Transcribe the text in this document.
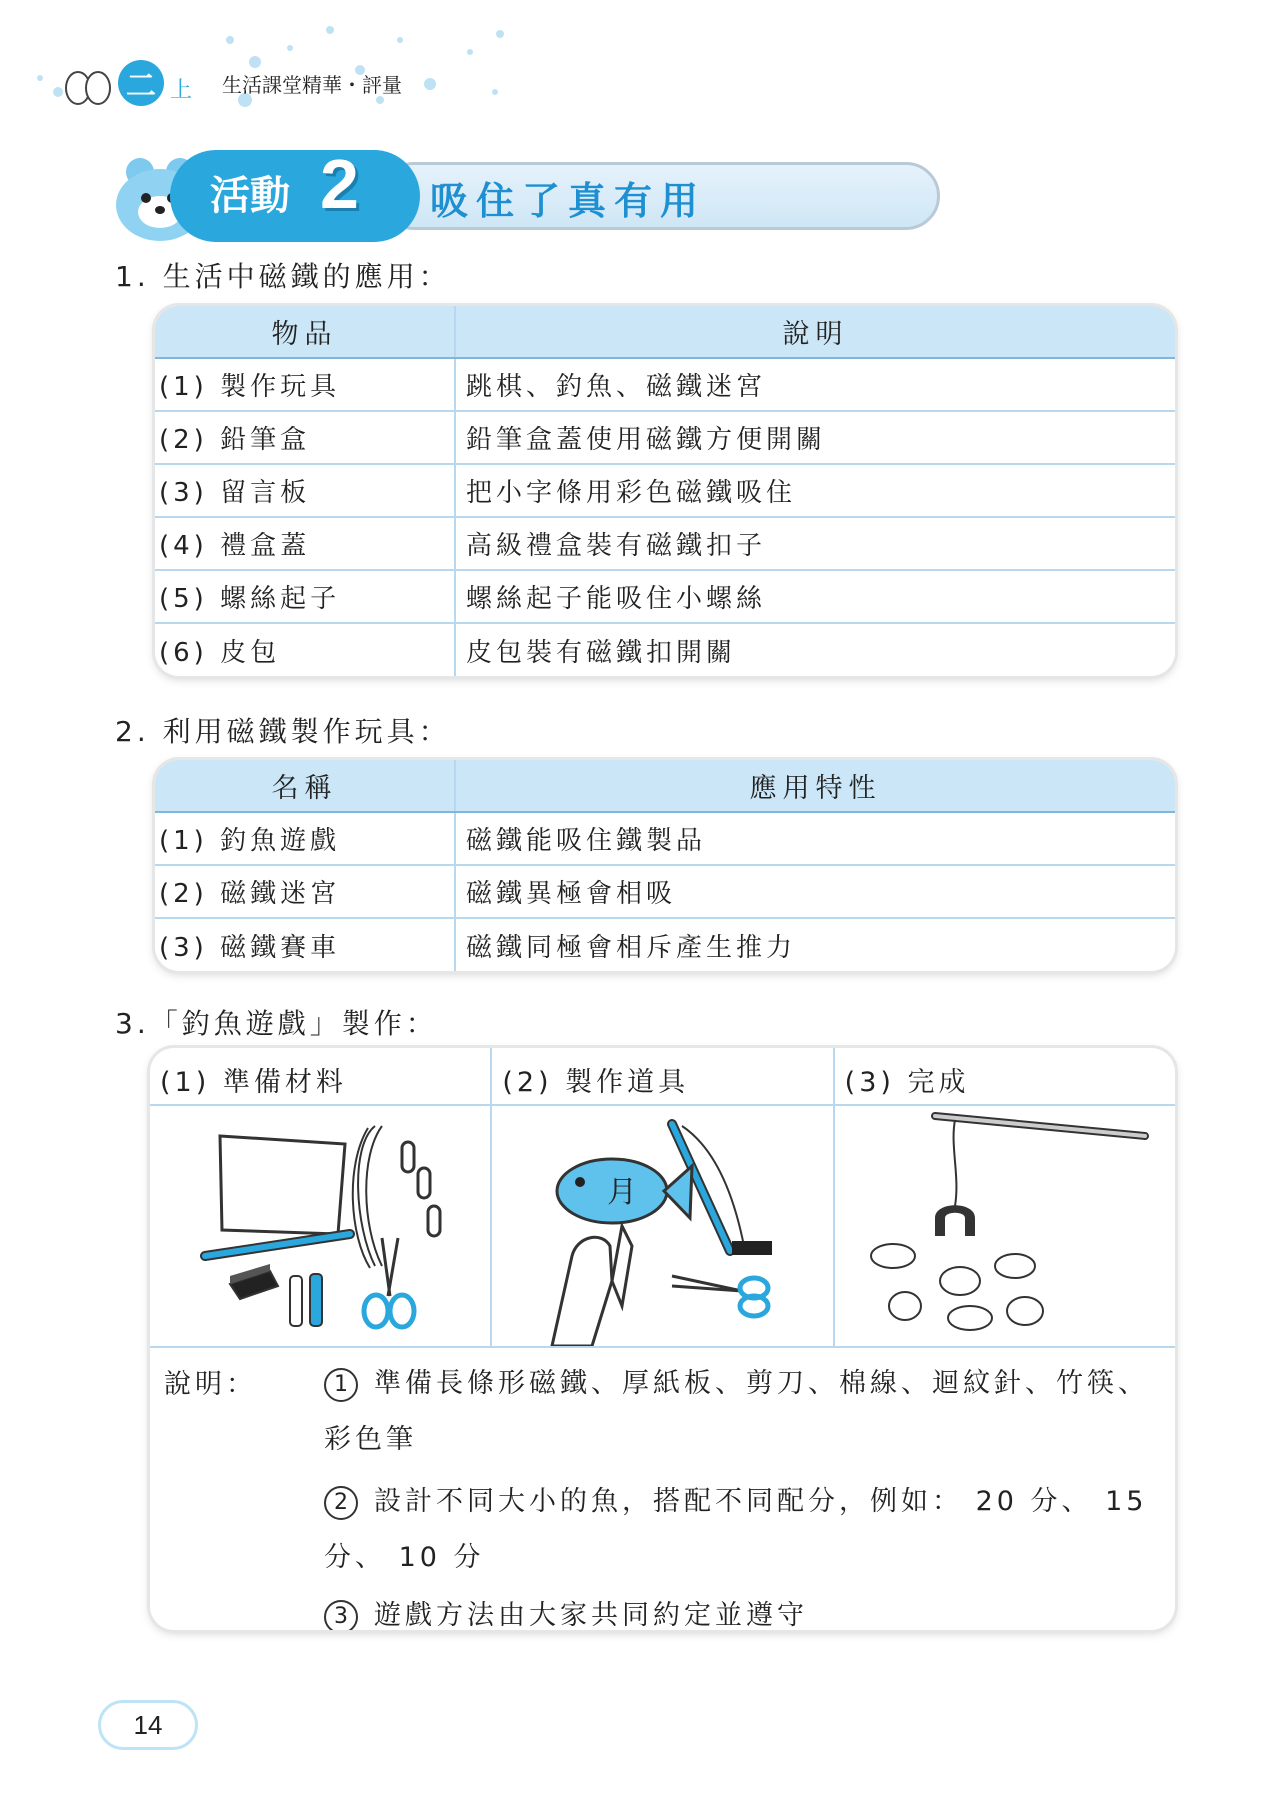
二 上 生活課堂精華・評量
活動 2 吸住了真有用
1. 生活中磁鐵的應用：
物品	說明
(1) 製作玩具	跳棋、釣魚、磁鐵迷宮
(2) 鉛筆盒	鉛筆盒蓋使用磁鐵方便開關
(3) 留言板	把小字條用彩色磁鐵吸住
(4) 禮盒蓋	高級禮盒裝有磁鐵扣子
(5) 螺絲起子	螺絲起子能吸住小螺絲
(6) 皮包	皮包裝有磁鐵扣開關
2. 利用磁鐵製作玩具：
名稱	應用特性
(1) 釣魚遊戲	磁鐵能吸住鐵製品
(2) 磁鐵迷宮	磁鐵異極會相吸
(3) 磁鐵賽車	磁鐵同極會相斥產生推力
3.「釣魚遊戲」製作：
(1) 準備材料	(2) 製作道具	(3) 完成
月
說明：	1 準備長條形磁鐵、厚紙板、剪刀、棉線、迴紋針、竹筷、彩色筆
2 設計不同大小的魚，搭配不同配分，例如： 20 分、 15 分、 10 分
3 遊戲方法由大家共同約定並遵守
14
